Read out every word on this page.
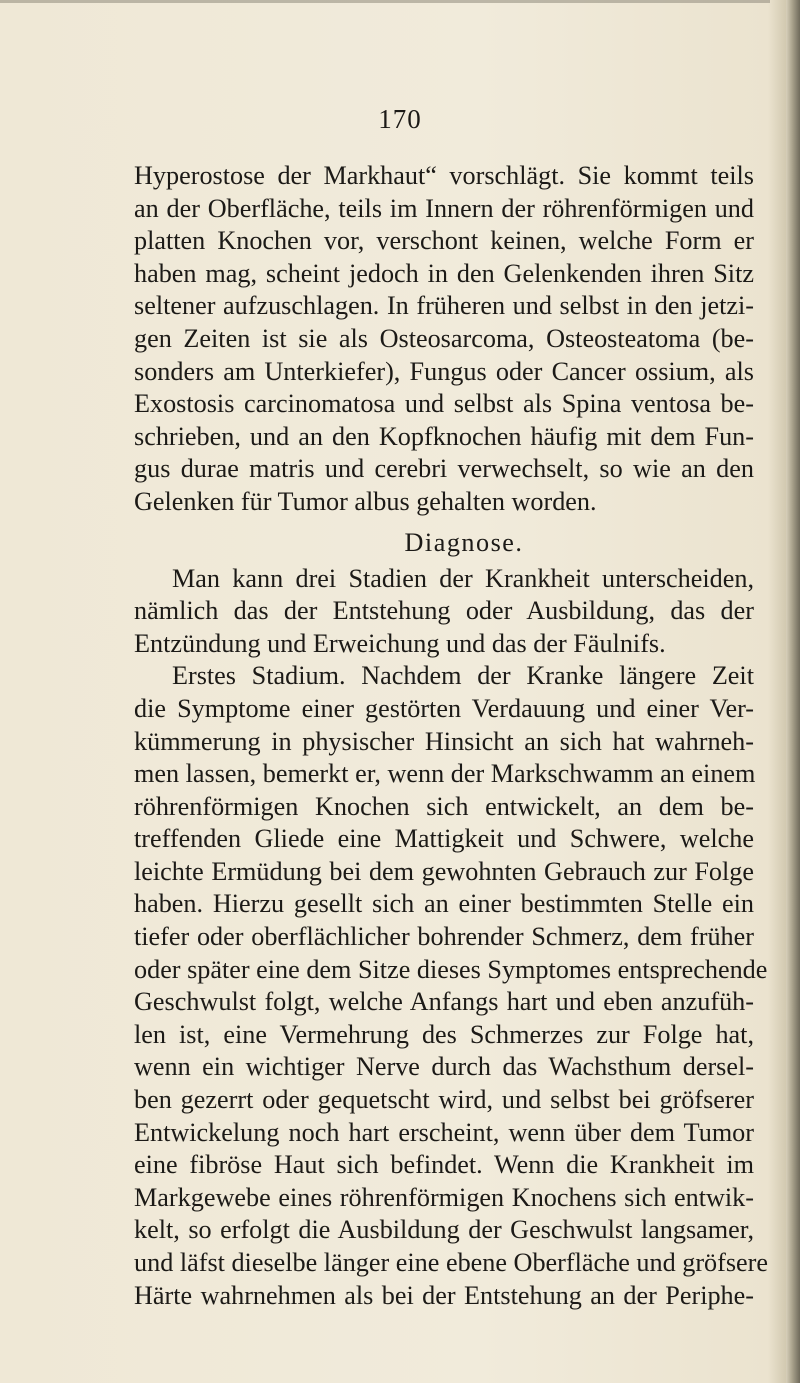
170
Hyperostose der Markhaut“ vorschlägt. Sie kommt teils
an der Oberfläche, teils im Innern der röhrenförmigen und
platten Knochen vor, verschont keinen, welche Form er
haben mag, scheint jedoch in den Gelenkenden ihren Sitz
seltener aufzuschlagen. In früheren und selbst in den jetzi-
gen Zeiten ist sie als Osteosarcoma, Osteosteatoma (be-
sonders am Unterkiefer), Fungus oder Cancer ossium, als
Exostosis carcinomatosa und selbst als Spina ventosa be-
schrieben, und an den Kopfknochen häufig mit dem Fun-
gus durae matris und cerebri verwechselt, so wie an den
Gelenken für Tumor albus gehalten worden.
Diagnose.
Man kann drei Stadien der Krankheit unterscheiden,
nämlich das der Entstehung oder Ausbildung, das der
Entzündung und Erweichung und das der Fäulnifs.
Erstes Stadium. Nachdem der Kranke längere Zeit
die Symptome einer gestörten Verdauung und einer Ver-
kümmerung in physischer Hinsicht an sich hat wahrneh-
men lassen, bemerkt er, wenn der Markschwamm an einem
röhrenförmigen Knochen sich entwickelt, an dem be-
treffenden Gliede eine Mattigkeit und Schwere, welche
leichte Ermüdung bei dem gewohnten Gebrauch zur Folge
haben. Hierzu gesellt sich an einer bestimmten Stelle ein
tiefer oder oberflächlicher bohrender Schmerz, dem früher
oder später eine dem Sitze dieses Symptomes entsprechende
Geschwulst folgt, welche Anfangs hart und eben anzufüh-
len ist, eine Vermehrung des Schmerzes zur Folge hat,
wenn ein wichtiger Nerve durch das Wachsthum dersel-
ben gezerrt oder gequetscht wird, und selbst bei gröfserer
Entwickelung noch hart erscheint, wenn über dem Tumor
eine fibröse Haut sich befindet. Wenn die Krankheit im
Markgewebe eines röhrenförmigen Knochens sich entwik-
kelt, so erfolgt die Ausbildung der Geschwulst langsamer,
und läfst dieselbe länger eine ebene Oberfläche und gröfsere
Härte wahrnehmen als bei der Entstehung an der Periphe-
